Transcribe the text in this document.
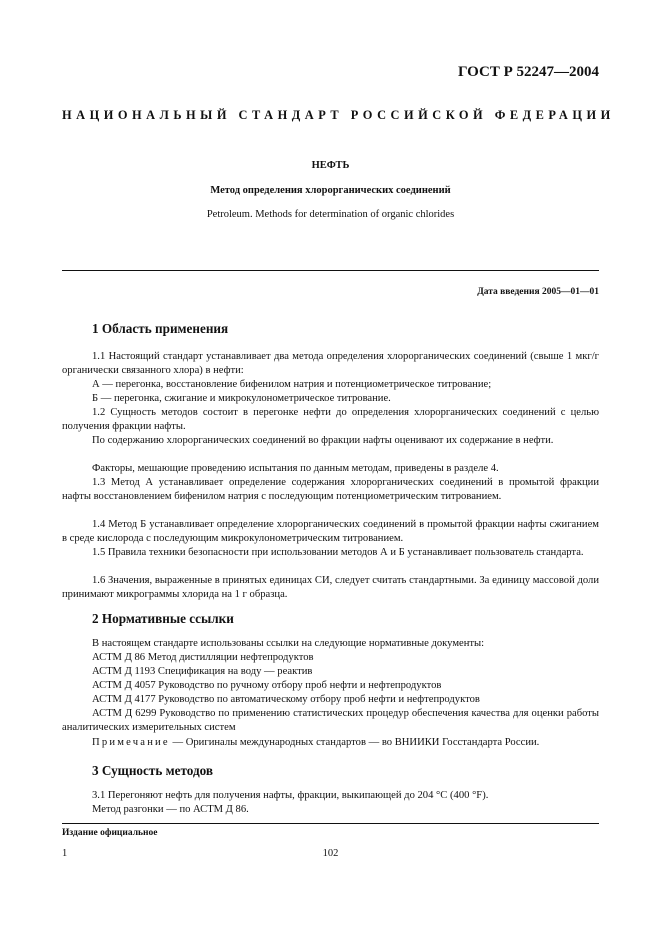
ГОСТ Р 52247—2004
НАЦИОНАЛЬНЫЙ СТАНДАРТ РОССИЙСКОЙ ФЕДЕРАЦИИ
НЕФТЬ
Метод определения хлорорганических соединений
Petroleum. Methods for determination of organic chlorides
Дата введения 2005—01—01
1 Область применения
1.1 Настоящий стандарт устанавливает два метода определения хлорорганических соединений (свыше 1 мкг/г органически связанного хлора) в нефти:
А — перегонка, восстановление бифенилом натрия и потенциометрическое титрование;
Б — перегонка, сжигание и микрокулонометрическое титрование.
1.2 Сущность методов состоит в перегонке нефти до определения хлорорганических соединений с целью получения фракции нафты.
По содержанию хлорорганических соединений во фракции нафты оценивают их содержание в нефти.
Факторы, мешающие проведению испытания по данным методам, приведены в разделе 4.
1.3 Метод А устанавливает определение содержания хлорорганических соединений в промытой фракции нафты восстановлением бифенилом натрия с последующим потенциометрическим титрованием.
1.4 Метод Б устанавливает определение хлорорганических соединений в промытой фракции нафты сжиганием в среде кислорода с последующим микрокулонометрическим титрованием.
1.5 Правила техники безопасности при использовании методов А и Б устанавливает пользователь стандарта.
1.6 Значения, выраженные в принятых единицах СИ, следует считать стандартными. За единицу массовой доли принимают микрограммы хлорида на 1 г образца.
2 Нормативные ссылки
В настоящем стандарте использованы ссылки на следующие нормативные документы:
АСТМ Д 86 Метод дистилляции нефтепродуктов
АСТМ Д 1193 Спецификация на воду — реактив
АСТМ Д 4057 Руководство по ручному отбору проб нефти и нефтепродуктов
АСТМ Д 4177 Руководство по автоматическому отбору проб нефти и нефтепродуктов
АСТМ Д 6299 Руководство по применению статистических процедур обеспечения качества для оценки работы аналитических измерительных систем
Примечание — Оригиналы международных стандартов — во ВНИИКИ Госстандарта России.
3 Сущность методов
3.1 Перегоняют нефть для получения нафты, фракции, выкипающей до 204 °С (400 °F).
Метод разгонки — по АСТМ Д 86.
Издание официальное
1	102
